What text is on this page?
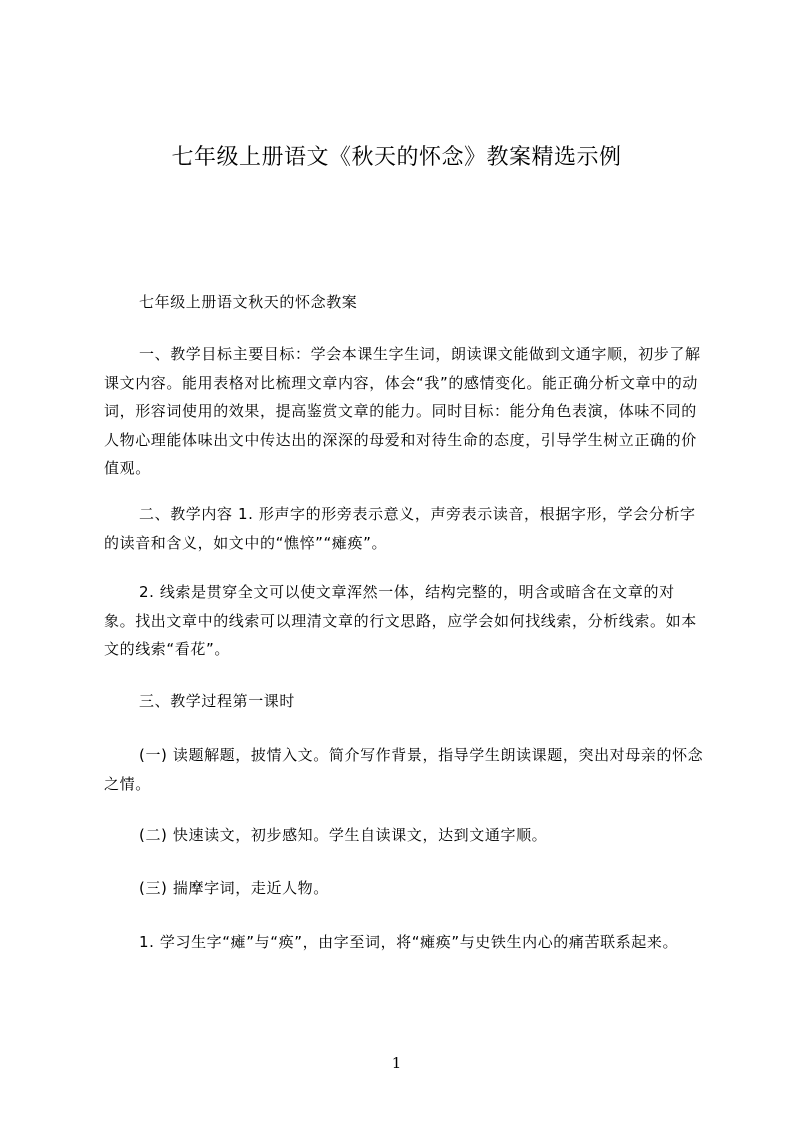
七年级上册语文《秋天的怀念》教案精选示例

七年级上册语文秋天的怀念教案

一、教学目标主要目标：学会本课生字生词，朗读课文能做到文通字顺，初步了解课文内容。能用表格对比梳理文章内容，体会“我”的感情变化。能正确分析文章中的动词，形容词使用的效果，提高鉴赏文章的能力。同时目标：能分角色表演，体味不同的人物心理能体味出文中传达出的深深的母爱和对待生命的态度，引导学生树立正确的价值观。

二、教学内容 1. 形声字的形旁表示意义，声旁表示读音，根据字形，学会分析字的读音和含义，如文中的“憔悴”“瘫痪”。

2. 线索是贯穿全文可以使文章浑然一体，结构完整的，明含或暗含在文章的对象。找出文章中的线索可以理清文章的行文思路，应学会如何找线索，分析线索。如本文的线索“看花”。

三、教学过程第一课时

(一) 读题解题，披情入文。简介写作背景，指导学生朗读课题，突出对母亲的怀念之情。

(二) 快速读文，初步感知。学生自读课文，达到文通字顺。

(三) 揣摩字词，走近人物。

1. 学习生字“瘫”与“痪”，由字至词，将“瘫痪”与史铁生内心的痛苦联系起来。

1
